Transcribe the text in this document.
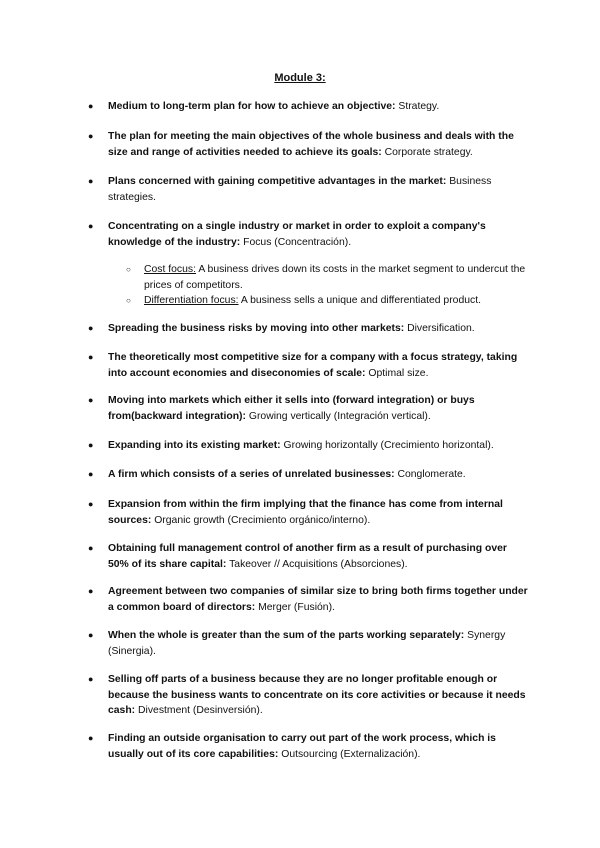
Module 3:
● Medium to long-term plan for how to achieve an objective: Strategy.
● The plan for meeting the main objectives of the whole business and deals with the size and range of activities needed to achieve its goals: Corporate strategy.
● Plans concerned with gaining competitive advantages in the market: Business strategies.
● Concentrating on a single industry or market in order to exploit a company's knowledge of the industry: Focus (Concentración).
○ Cost focus: A business drives down its costs in the market segment to undercut the prices of competitors.
○ Differentiation focus: A business sells a unique and differentiated product.
● Spreading the business risks by moving into other markets: Diversification.
● The theoretically most competitive size for a company with a focus strategy, taking into account economies and diseconomies of scale: Optimal size.
● Moving into markets which either it sells into (forward integration) or buys from(backward integration): Growing vertically (Integración vertical).
● Expanding into its existing market: Growing horizontally (Crecimiento horizontal).
● A firm which consists of a series of unrelated businesses: Conglomerate.
● Expansion from within the firm implying that the finance has come from internal sources: Organic growth (Crecimiento orgánico/interno).
● Obtaining full management control of another firm as a result of purchasing over 50% of its share capital: Takeover // Acquisitions (Absorciones).
● Agreement between two companies of similar size to bring both firms together under a common board of directors: Merger (Fusión).
● When the whole is greater than the sum of the parts working separately: Synergy (Sinergia).
● Selling off parts of a business because they are no longer profitable enough or because the business wants to concentrate on its core activities or because it needs cash: Divestment (Desinversión).
● Finding an outside organisation to carry out part of the work process, which is usually out of its core capabilities: Outsourcing (Externalización).
